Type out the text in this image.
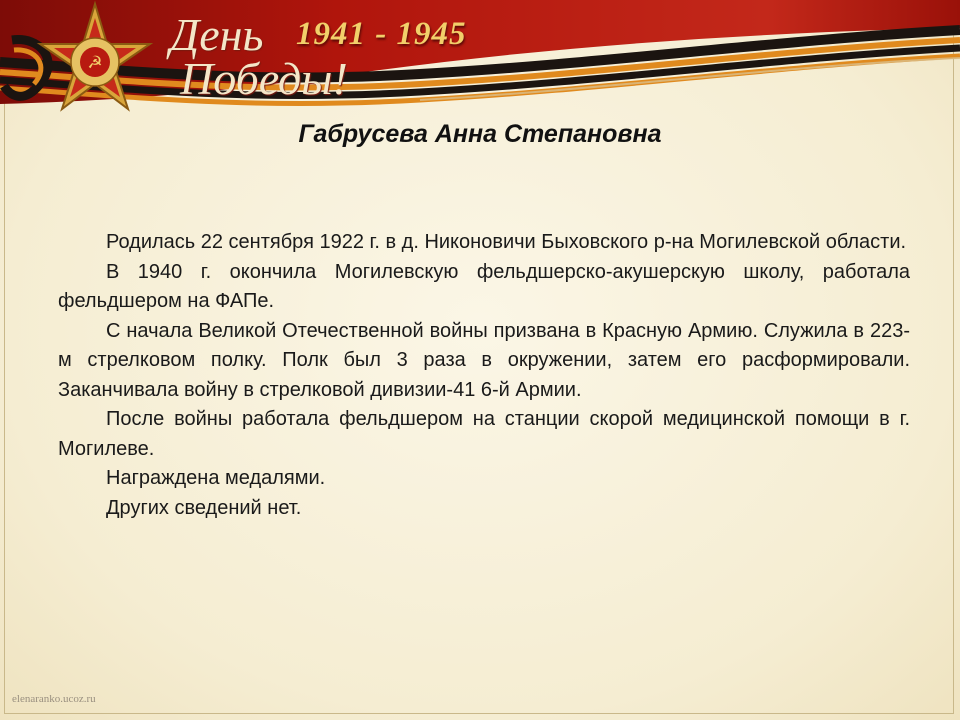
☭
День
Победы!
1941 - 1945
Габрусева Анна Степановна

Родилась 22 сентября 1922 г. в д. Никоновичи Быховского р-на Могилевской области.

В 1940 г. окончила Могилевскую фельдшерско-акушерскую школу, работала фельдшером на ФАПе.

С начала Великой Отечественной войны призвана в Красную Армию. Служила в 223-м стрелковом полку. Полк был 3 раза в окружении, затем его расформировали. Заканчивала войну в стрелковой дивизии-41 6-й Армии.

После войны работала фельдшером на станции скорой медицинской помощи в г. Могилеве.

Награждена медалями.

Других сведений нет.

elenaranko.ucoz.ru
